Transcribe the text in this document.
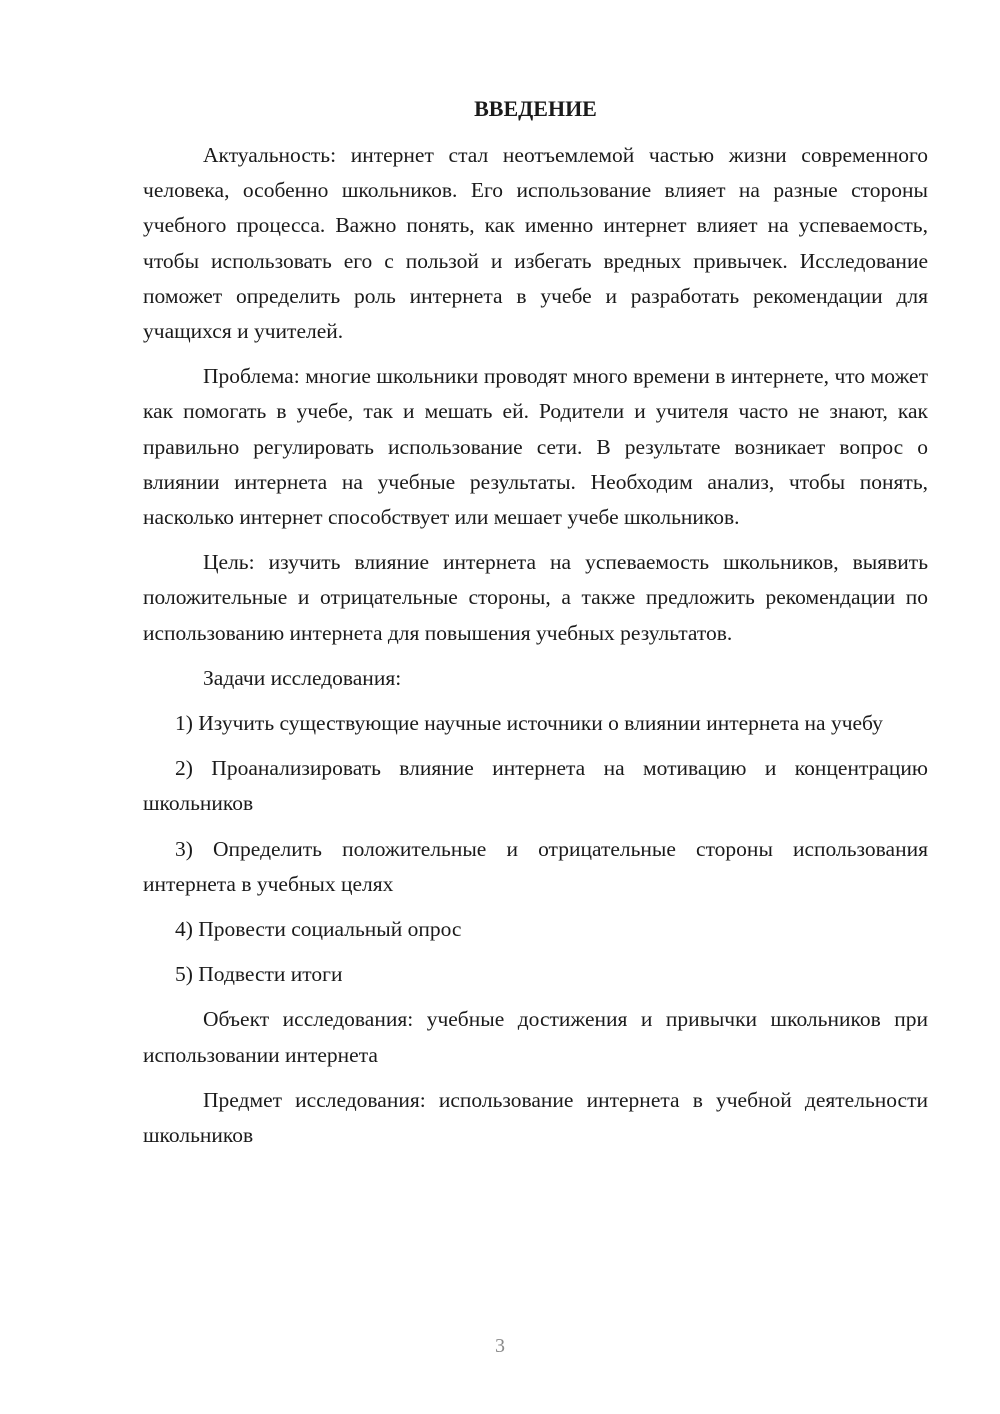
ВВЕДЕНИЕ

Актуальность: интернет стал неотъемлемой частью жизни современного человека, особенно школьников. Его использование влияет на разные стороны учебного процесса. Важно понять, как именно интернет влияет на успеваемость, чтобы использовать его с пользой и избегать вредных привычек. Исследование поможет определить роль интернета в учебе и разработать рекомендации для учащихся и учителей.

Проблема: многие школьники проводят много времени в интернете, что может как помогать в учебе, так и мешать ей. Родители и учителя часто не знают, как правильно регулировать использование сети. В результате возникает вопрос о влиянии интернета на учебные результаты. Необходим анализ, чтобы понять, насколько интернет способствует или мешает учебе школьников.

Цель: изучить влияние интернета на успеваемость школьников, выявить положительные и отрицательные стороны, а также предложить рекомендации по использованию интернета для повышения учебных результатов.

Задачи исследования:

1) Изучить существующие научные источники о влиянии интернета на учебу

2) Проанализировать влияние интернета на мотивацию и концентрацию школьников

3) Определить положительные и отрицательные стороны использования интернета в учебных целях

4) Провести социальный опрос

5) Подвести итоги

Объект исследования: учебные достижения и привычки школьников при использовании интернета

Предмет исследования: использование интернета в учебной деятельности школьников

3
